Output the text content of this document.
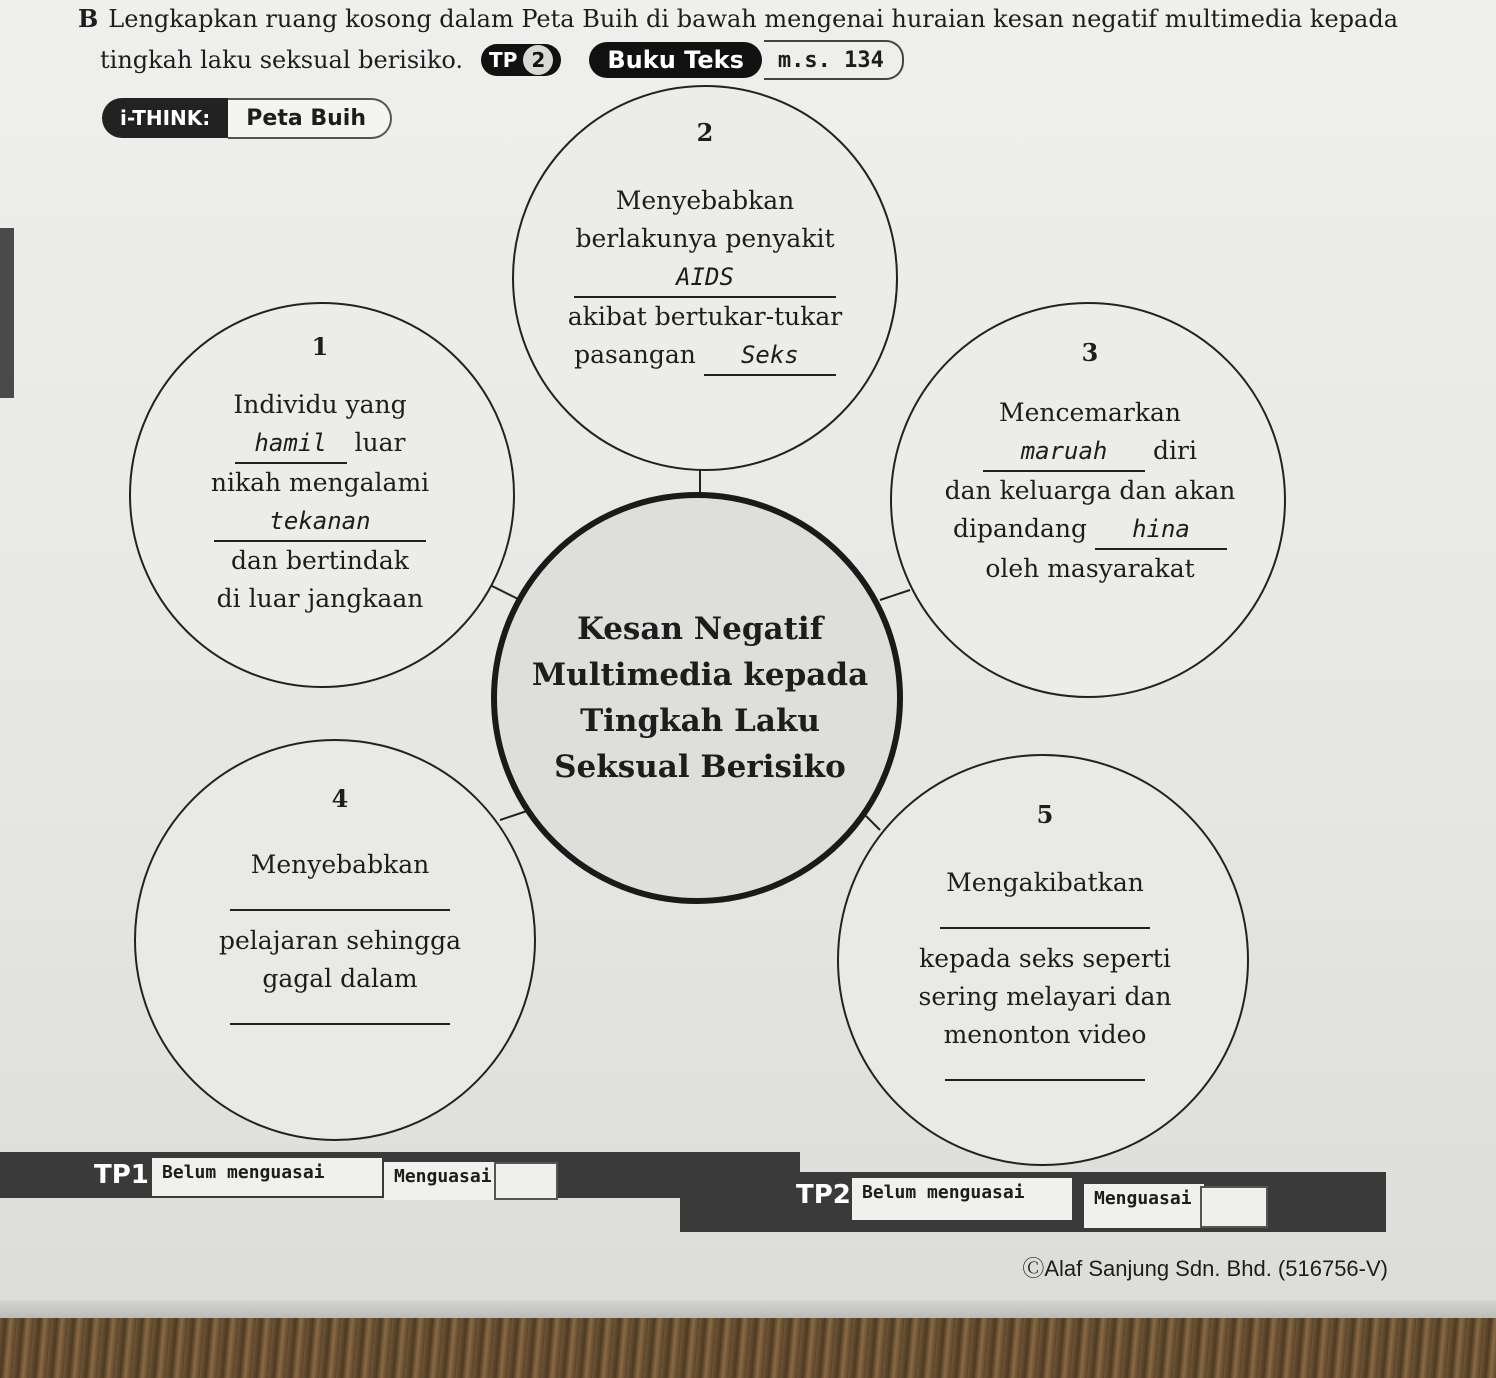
B Lengkapkan ruang kosong dalam Peta Buih di bawah mengenai huraian kesan negatif multimedia kepada
tingkah laku seksual berisiko. TP 2	Buku Teks	m.s. 134
i-THINK:	Peta Buih	2
Menyebabkan
berlakunya penyakit
AIDS
akibat bertukar-tukar
pasangan Seks
1
Individu yang
hamil luar
nikah mengalami
tekanan
dan bertindak
di luar jangkaan
3
Mencemarkan
maruah diri
dan keluarga dan akan
dipandang hina
oleh masyarakat
Kesan Negatif
Multimedia kepada
Tingkah Laku
Seksual Berisiko
4
Menyebabkan
pelajaran sehingga
gagal dalam
5
Mengakibatkan
kepada seks seperti
sering melayari dan
menonton video
TP1 Belum menguasai	Menguasai
TP2 Belum menguasai	Menguasai
ⒸAlaf Sanjung Sdn. Bhd. (516756-V)
